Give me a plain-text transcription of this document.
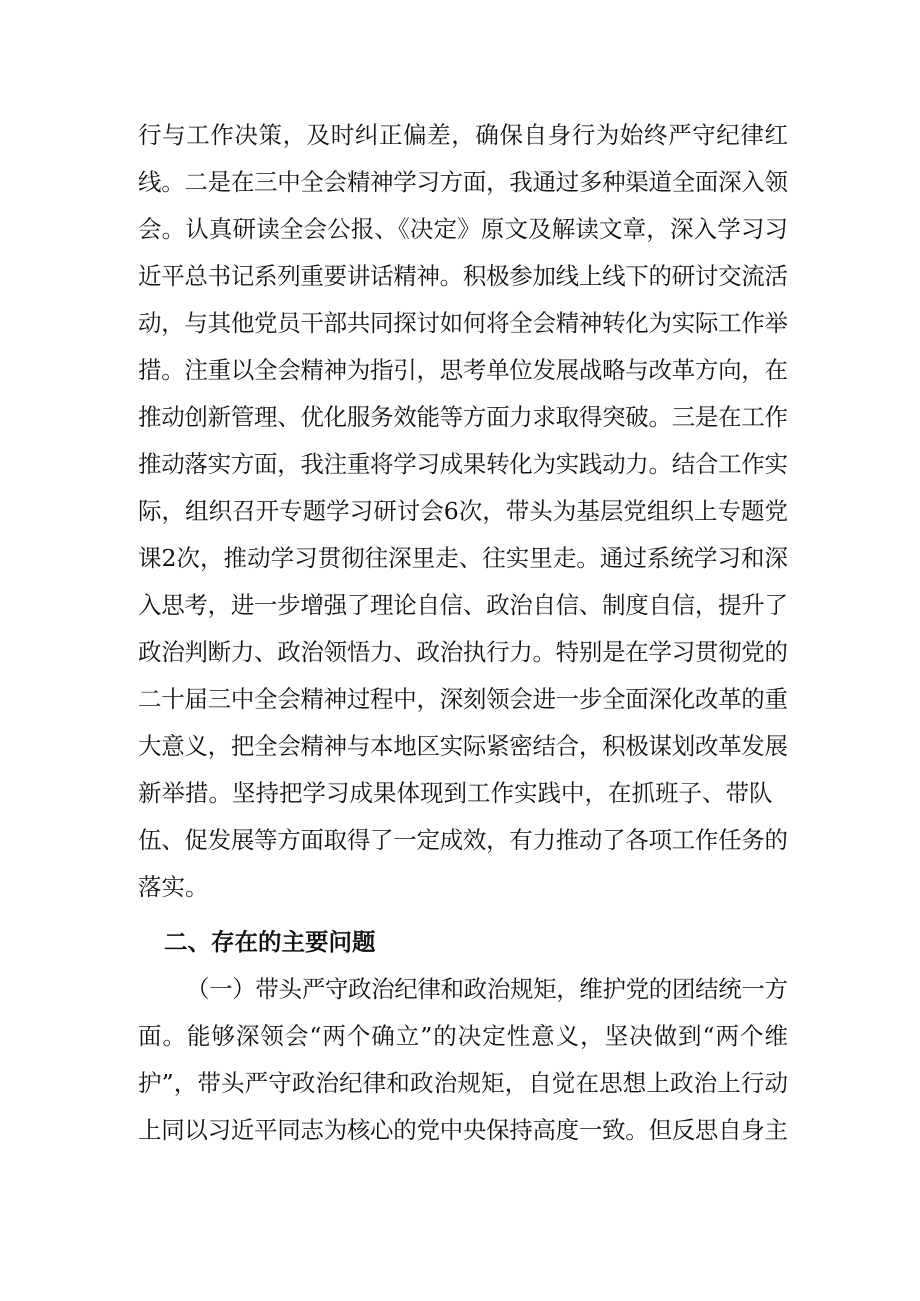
行与工作决策，及时纠正偏差，确保自身行为始终严守纪律红
线。二是在三中全会精神学习方面，我通过多种渠道全面深入领
会。认真研读全会公报、《决定》原文及解读文章，深入学习习
近平总书记系列重要讲话精神。积极参加线上线下的研讨交流活
动，与其他党员干部共同探讨如何将全会精神转化为实际工作举
措。注重以全会精神为指引，思考单位发展战略与改革方向，在
推动创新管理、优化服务效能等方面力求取得突破。三是在工作
推动落实方面，我注重将学习成果转化为实践动力。结合工作实
际，组织召开专题学习研讨会6次，带头为基层党组织上专题党
课2次，推动学习贯彻往深里走、往实里走。通过系统学习和深
入思考，进一步增强了理论自信、政治自信、制度自信，提升了
政治判断力、政治领悟力、政治执行力。特别是在学习贯彻党的
二十届三中全会精神过程中，深刻领会进一步全面深化改革的重
大意义，把全会精神与本地区实际紧密结合，积极谋划改革发展
新举措。坚持把学习成果体现到工作实践中，在抓班子、带队
伍、促发展等方面取得了一定成效，有力推动了各项工作任务的
落实。
二、存在的主要问题
（一）带头严守政治纪律和政治规矩，维护党的团结统一方
面。能够深领会“两个确立”的决定性意义，坚决做到“两个维
护”，带头严守政治纪律和政治规矩，自觉在思想上政治上行动
上同以习近平同志为核心的党中央保持高度一致。但反思自身主
